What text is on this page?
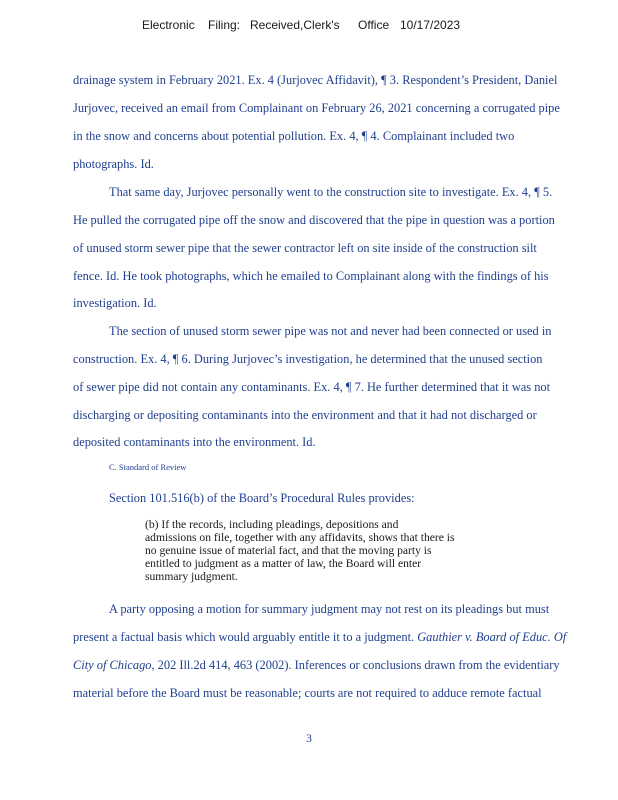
Electronic Filing: Received,Clerk's Office 10/17/2023
drainage system in February 2021. Ex. 4 (Jurjovec Affidavit), ¶ 3. Respondent’s President, Daniel
Jurjovec, received an email from Complainant on February 26, 2021 concerning a corrugated pipe
in the snow and concerns about potential pollution. Ex. 4, ¶ 4. Complainant included two
photographs. Id.
That same day, Jurjovec personally went to the construction site to investigate. Ex. 4, ¶ 5.
He pulled the corrugated pipe off the snow and discovered that the pipe in question was a portion
of unused storm sewer pipe that the sewer contractor left on site inside of the construction silt
fence. Id. He took photographs, which he emailed to Complainant along with the findings of his
investigation. Id.
The section of unused storm sewer pipe was not and never had been connected or used in
construction. Ex. 4, ¶ 6. During Jurjovec’s investigation, he determined that the unused section
of sewer pipe did not contain any contaminants. Ex. 4, ¶ 7. He further determined that it was not
discharging or depositing contaminants into the environment and that it had not discharged or
deposited contaminants into the environment. Id.
C. Standard of Review
Section 101.516(b) of the Board’s Procedural Rules provides:
(b) If the records, including pleadings, depositions and
admissions on file, together with any affidavits, shows that there is
no genuine issue of material fact, and that the moving party is
entitled to judgment as a matter of law, the Board will enter
summary judgment.
A party opposing a motion for summary judgment may not rest on its pleadings but must
present a factual basis which would arguably entitle it to a judgment. Gauthier v. Board of Educ. Of
City of Chicago, 202 Ill.2d 414, 463 (2002). Inferences or conclusions drawn from the evidentiary
material before the Board must be reasonable; courts are not required to adduce remote factual
3
